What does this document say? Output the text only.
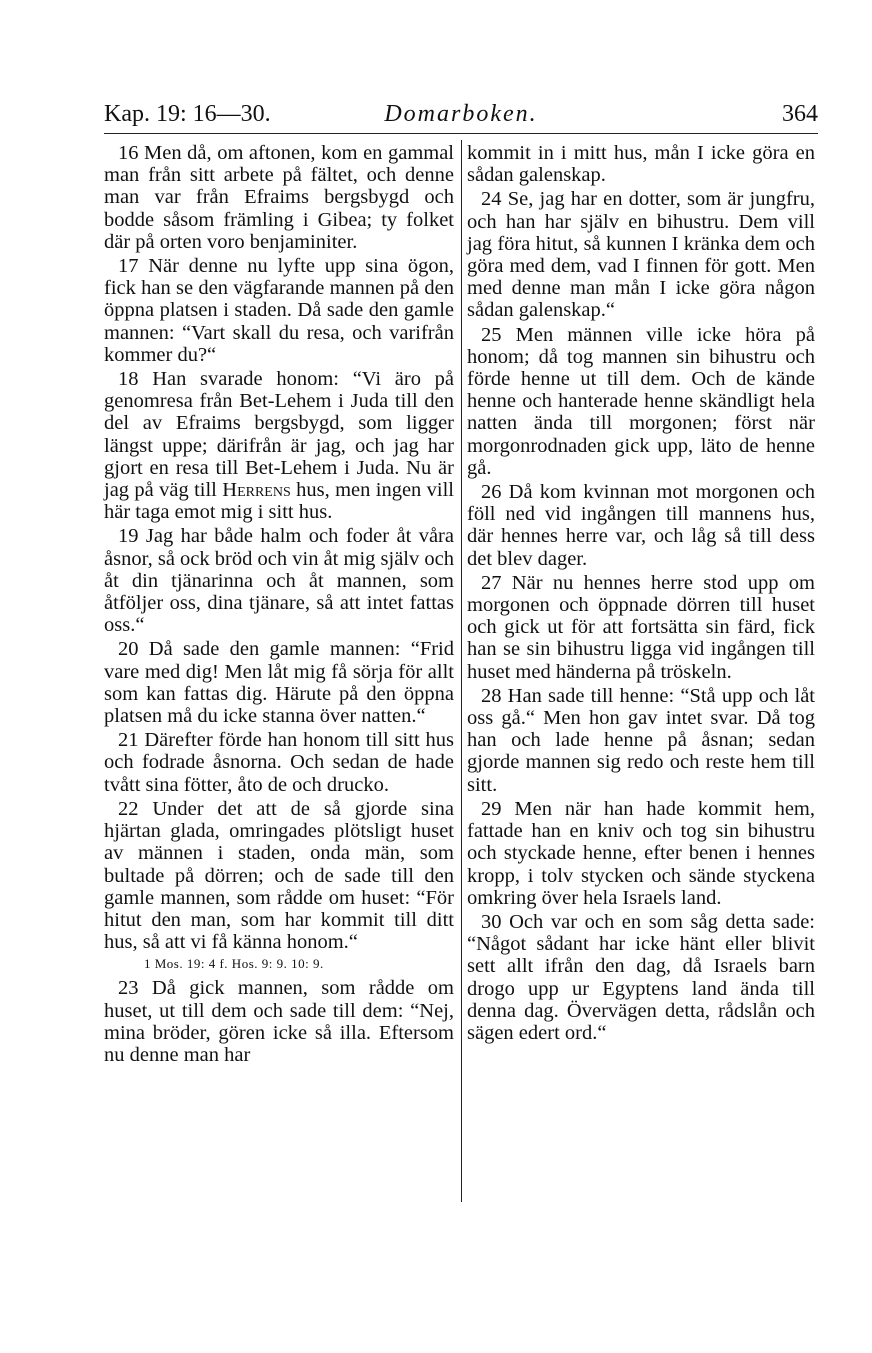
Kap. 19: 16—30.	Domarboken.	364

16 Men då, om aftonen, kom en gammal man från sitt arbete på fältet, och denne man var från Efraims bergsbygd och bodde såsom främling i Gibea; ty folket där på orten voro benjaminiter.

17 När denne nu lyfte upp sina ögon, fick han se den vägfarande mannen på den öppna platsen i staden. Då sade den gamle mannen: “Vart skall du resa, och varifrån kommer du?“

18 Han svarade honom: “Vi äro på genomresa från Bet-Lehem i Juda till den del av Efraims bergsbygd, som ligger längst uppe; därifrån är jag, och jag har gjort en resa till Bet-Lehem i Juda. Nu är jag på väg till Herrens hus, men ingen vill här taga emot mig i sitt hus.

19 Jag har både halm och foder åt våra åsnor, så ock bröd och vin åt mig själv och åt din tjänarinna och åt mannen, som åtföljer oss, dina tjänare, så att intet fattas oss.“

20 Då sade den gamle mannen: “Frid vare med dig! Men låt mig få sörja för allt som kan fattas dig. Härute på den öppna platsen må du icke stanna över natten.“

21 Därefter förde han honom till sitt hus och fodrade åsnorna. Och sedan de hade tvått sina fötter, åto de och drucko.

22 Under det att de så gjorde sina hjärtan glada, omringades plötsligt huset av männen i staden, onda män, som bultade på dörren; och de sade till den gamle mannen, som rådde om huset: “För hitut den man, som har kommit till ditt hus, så att vi få känna honom.“

1 Mos. 19: 4 f. Hos. 9: 9. 10: 9.

23 Då gick mannen, som rådde om huset, ut till dem och sade till dem: “Nej, mina bröder, gören icke så illa. Eftersom nu denne man har

kommit in i mitt hus, mån I icke göra en sådan galenskap.

24 Se, jag har en dotter, som är jungfru, och han har själv en bihustru. Dem vill jag föra hitut, så kunnen I kränka dem och göra med dem, vad I finnen för gott. Men med denne man mån I icke göra någon sådan galenskap.“

25 Men männen ville icke höra på honom; då tog mannen sin bihustru och förde henne ut till dem. Och de kände henne och hanterade henne skändligt hela natten ända till morgonen; först när morgonrodnaden gick upp, läto de henne gå.

26 Då kom kvinnan mot morgonen och föll ned vid ingången till mannens hus, där hennes herre var, och låg så till dess det blev dager.

27 När nu hennes herre stod upp om morgonen och öppnade dörren till huset och gick ut för att fortsätta sin färd, fick han se sin bihustru ligga vid ingången till huset med händerna på tröskeln.

28 Han sade till henne: “Stå upp och låt oss gå.“ Men hon gav intet svar. Då tog han och lade henne på åsnan; sedan gjorde mannen sig redo och reste hem till sitt.

29 Men när han hade kommit hem, fattade han en kniv och tog sin bihustru och styckade henne, efter benen i hennes kropp, i tolv stycken och sände styckena omkring över hela Israels land.

30 Och var och en som såg detta sade: “Något sådant har icke hänt eller blivit sett allt ifrån den dag, då Israels barn drogo upp ur Egyptens land ända till denna dag. Övervägen detta, rådslån och sägen edert ord.“
